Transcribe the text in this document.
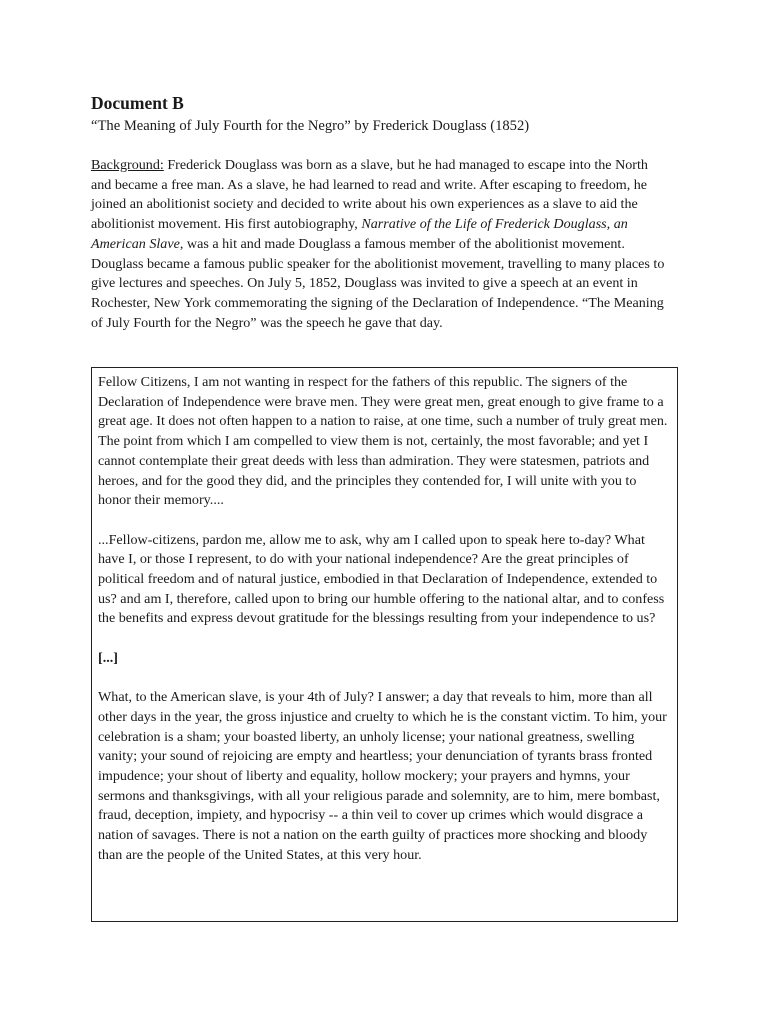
Document B
“The Meaning of July Fourth for the Negro” by Frederick Douglass (1852)

Background: Frederick Douglass was born as a slave, but he had managed to escape into the North and became a free man. As a slave, he had learned to read and write. After escaping to freedom, he joined an abolitionist society and decided to write about his own experiences as a slave to aid the abolitionist movement. His first autobiography, Narrative of the Life of Frederick Douglass, an American Slave, was a hit and made Douglass a famous member of the abolitionist movement. Douglass became a famous public speaker for the abolitionist movement, travelling to many places to give lectures and speeches. On July 5, 1852, Douglass was invited to give a speech at an event in Rochester, New York commemorating the signing of the Declaration of Independence. “The Meaning of July Fourth for the Negro” was the speech he gave that day.

Fellow Citizens, I am not wanting in respect for the fathers of this republic. The signers of the Declaration of Independence were brave men. They were great men, great enough to give frame to a great age. It does not often happen to a nation to raise, at one time, such a number of truly great men. The point from which I am compelled to view them is not, certainly, the most favorable; and yet I cannot contemplate their great deeds with less than admiration. They were statesmen, patriots and heroes, and for the good they did, and the principles they contended for, I will unite with you to honor their memory....

...Fellow-citizens, pardon me, allow me to ask, why am I called upon to speak here to-day? What have I, or those I represent, to do with your national independence? Are the great principles of political freedom and of natural justice, embodied in that Declaration of Independence, extended to us? and am I, therefore, called upon to bring our humble offering to the national altar, and to confess the benefits and express devout gratitude for the blessings resulting from your independence to us?

[...]

What, to the American slave, is your 4th of July? I answer; a day that reveals to him, more than all other days in the year, the gross injustice and cruelty to which he is the constant victim. To him, your celebration is a sham; your boasted liberty, an unholy license; your national greatness, swelling vanity; your sound of rejoicing are empty and heartless; your denunciation of tyrants brass fronted impudence; your shout of liberty and equality, hollow mockery; your prayers and hymns, your sermons and thanksgivings, with all your religious parade and solemnity, are to him, mere bombast, fraud, deception, impiety, and hypocrisy -- a thin veil to cover up crimes which would disgrace a nation of savages. There is not a nation on the earth guilty of practices more shocking and bloody than are the people of the United States, at this very hour.
